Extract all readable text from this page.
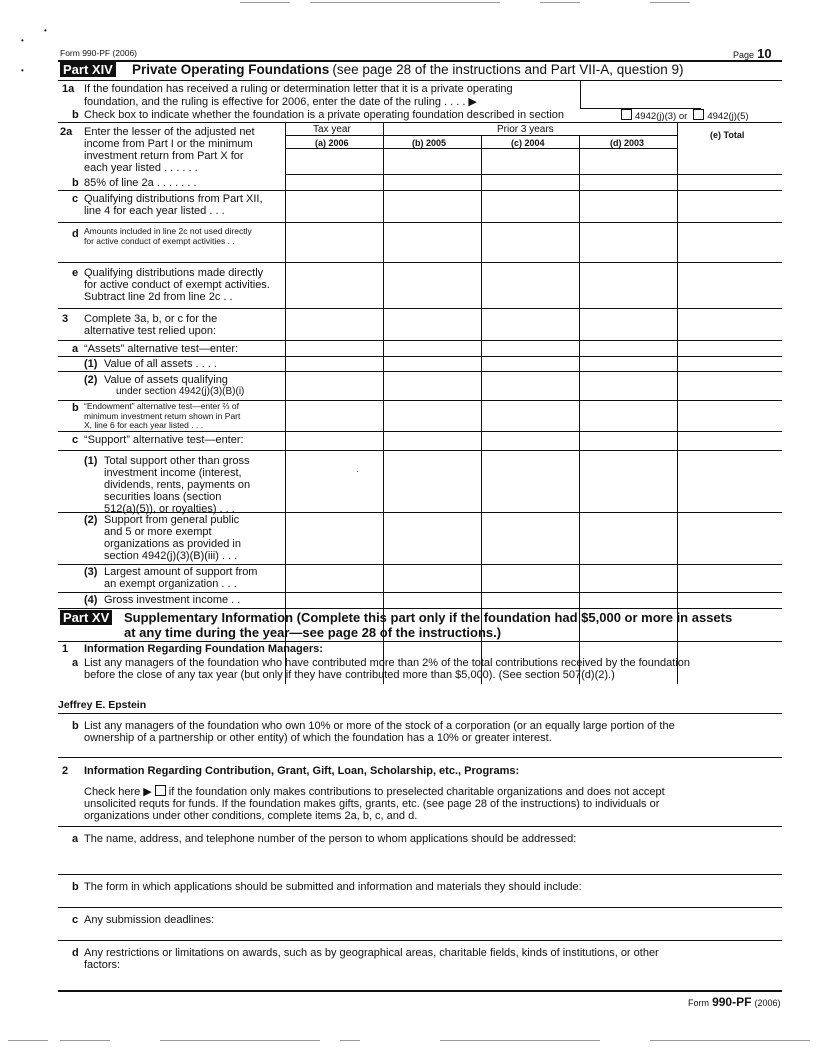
•
•
•
Form 990-PF (2006)	Page 10
Part XIV Private Operating Foundations (see page 28 of the instructions and Part VII-A, question 9)
1a If the foundation has received a ruling or determination letter that it is a private operating
foundation, and the ruling is effective for 2006, enter the date of the ruling . . . . ▶
b Check box to indicate whether the foundation is a private operating foundation described in section	4942(j)(3) or 4942(j)(5)
Tax year	Prior 3 years
(a) 2006	(b) 2005	(c) 2004	(d) 2003
(e) Total
2a Enter the lesser of the adjusted net
income from Part I or the minimum
investment return from Part X for
each year listed . . . . . .
b 85% of line 2a . . . . . . .
c Qualifying distributions from Part XII,
line 4 for each year listed . . .
d Amounts included in line 2c not used directly
for active conduct of exempt activities . .
e Qualifying distributions made directly
for active conduct of exempt activities.
Subtract line 2d from line 2c . .
3 Complete 3a, b, or c for the
alternative test relied upon:
a “Assets” alternative test—enter:
(1) Value of all assets . . . .
(2) Value of assets qualifying
under section 4942(j)(3)(B)(i)
b “Endowment” alternative test—enter ⅔ of
minimum investment return shown in Part
X, line 6 for each year listed . . .
c “Support” alternative test—enter:
(1) Total support other than gross
investment income (interest,
dividends, rents, payments on
securities loans (section
512(a)(5)), or royalties) . . .
·
(2) Support from general public
and 5 or more exempt
organizations as provided in
section 4942(j)(3)(B)(iii) . . .
(3) Largest amount of support from
an exempt organization . . .
(4) Gross investment income . .
Part XV Supplementary Information (Complete this part only if the foundation had $5,000 or more in assets
at any time during the year—see page 28 of the instructions.)
1 Information Regarding Foundation Managers:
a List any managers of the foundation who have contributed more than 2% of the total contributions received by the foundation
before the close of any tax year (but only if they have contributed more than $5,000). (See section 507(d)(2).)
Jeffrey E. Epstein
b List any managers of the foundation who own 10% or more of the stock of a corporation (or an equally large portion of the
ownership of a partnership or other entity) of which the foundation has a 10% or greater interest.
2 Information Regarding Contribution, Grant, Gift, Loan, Scholarship, etc., Programs:
Check here ▶ if the foundation only makes contributions to preselected charitable organizations and does not accept
unsolicited requts for funds. If the foundation makes gifts, grants, etc. (see page 28 of the instructions) to individuals or
organizations under other conditions, complete items 2a, b, c, and d.
a The name, address, and telephone number of the person to whom applications should be addressed:
b The form in which applications should be submitted and information and materials they should include:
c Any submission deadlines:
d Any restrictions or limitations on awards, such as by geographical areas, charitable fields, kinds of institutions, or other
factors:
Form 990-PF (2006)
